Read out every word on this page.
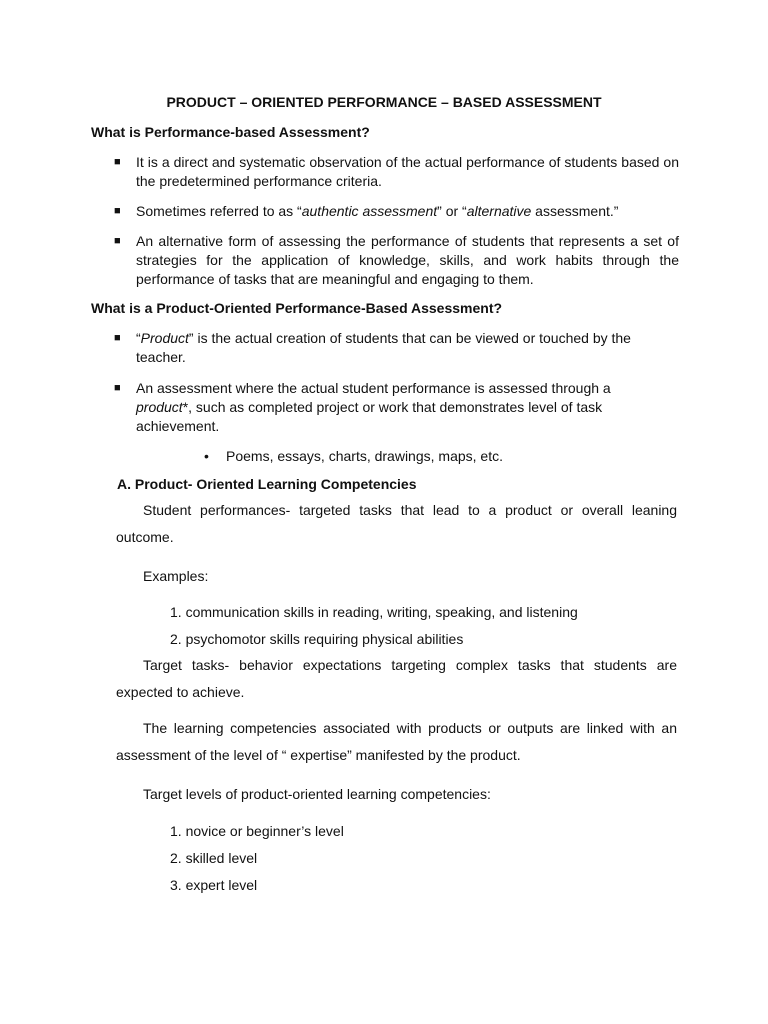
PRODUCT – ORIENTED PERFORMANCE – BASED ASSESSMENT
What is Performance-based Assessment?
■	It is a direct and systematic observation of the actual performance of students based on the predetermined performance criteria.
■	Sometimes referred to as “authentic assessment” or “alternative assessment.”
■	An alternative form of assessing the performance of students that represents a set of strategies for the application of knowledge, skills, and work habits through the performance of tasks that are meaningful and engaging to them.
What is a Product-Oriented Performance-Based Assessment?
■	“Product” is the actual creation of students that can be viewed or touched by the teacher.
■	An assessment where the actual student performance is assessed through a product*, such as completed project or work that demonstrates level of task achievement.
•	Poems, essays, charts, drawings, maps, etc.
A. Product- Oriented Learning Competencies
Student performances- targeted tasks that lead to a product or overall leaning outcome.
Examples:
1. communication skills in reading, writing, speaking, and listening
2. psychomotor skills requiring physical abilities
Target tasks- behavior expectations targeting complex tasks that students are expected to achieve.
The learning competencies associated with products or outputs are linked with an assessment of the level of “ expertise” manifested by the product.
Target levels of product-oriented learning competencies:
1. novice or beginner’s level
2. skilled level
3. expert level
